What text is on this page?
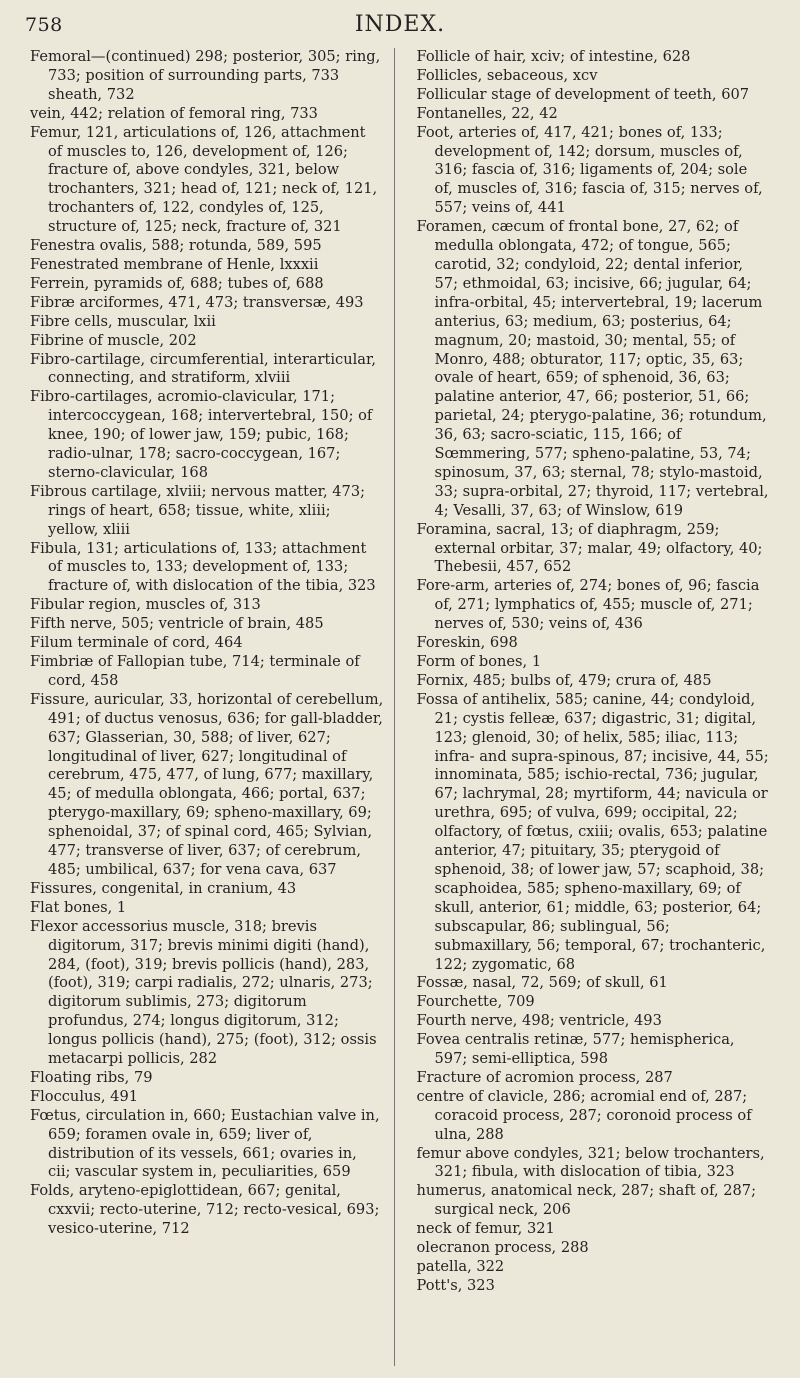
758	INDEX.

Femoral—(continued) 298; posterior, 305; ring, 733; position of surrounding parts, 733 sheath, 732

vein, 442; relation of femoral ring, 733

Femur, 121, articulations of, 126, attachment of muscles to, 126, development of, 126; fracture of, above condyles, 321, below trochanters, 321; head of, 121; neck of, 121, trochanters of, 122, condyles of, 125, structure of, 125; neck, fracture of, 321

Fenestra ovalis, 588; rotunda, 589, 595

Fenestrated membrane of Henle, lxxxii

Ferrein, pyramids of, 688; tubes of, 688

Fibræ arciformes, 471, 473; transversæ, 493

Fibre cells, muscular, lxii

Fibrine of muscle, 202

Fibro-cartilage, circumferential, interarticular, connecting, and stratiform, xlviii

Fibro-cartilages, acromio-clavicular, 171; intercoccygean, 168; intervertebral, 150; of knee, 190; of lower jaw, 159; pubic, 168; radio-ulnar, 178; sacro-coccygean, 167; sterno-clavicular, 168

Fibrous cartilage, xlviii; nervous matter, 473; rings of heart, 658; tissue, white, xliii; yellow, xliii

Fibula, 131; articulations of, 133; attachment of muscles to, 133; development of, 133; fracture of, with dislocation of the tibia, 323

Fibular region, muscles of, 313

Fifth nerve, 505; ventricle of brain, 485

Filum terminale of cord, 464

Fimbriæ of Fallopian tube, 714; terminale of cord, 458

Fissure, auricular, 33, horizontal of cerebellum, 491; of ductus venosus, 636; for gall-bladder, 637; Glasserian, 30, 588; of liver, 627; longitudinal of liver, 627; longitudinal of cerebrum, 475, 477, of lung, 677; maxillary, 45; of medulla oblongata, 466; portal, 637; pterygo-maxillary, 69; spheno-maxillary, 69; sphenoidal, 37; of spinal cord, 465; Sylvian, 477; transverse of liver, 637; of cerebrum, 485; umbilical, 637; for vena cava, 637

Fissures, congenital, in cranium, 43

Flat bones, 1

Flexor accessorius muscle, 318; brevis digitorum, 317; brevis minimi digiti (hand), 284, (foot), 319; brevis pollicis (hand), 283, (foot), 319; carpi radialis, 272; ulnaris, 273; digitorum sublimis, 273; digitorum profundus, 274; longus digitorum, 312; longus pollicis (hand), 275; (foot), 312; ossis metacarpi pollicis, 282

Floating ribs, 79

Flocculus, 491

Fœtus, circulation in, 660; Eustachian valve in, 659; foramen ovale in, 659; liver of, distribution of its vessels, 661; ovaries in, cii; vascular system in, peculiarities, 659

Folds, aryteno-epiglottidean, 667; genital, cxxvii; recto-uterine, 712; recto-vesical, 693; vesico-uterine, 712

Follicle of hair, xciv; of intestine, 628

Follicles, sebaceous, xcv

Follicular stage of development of teeth, 607

Fontanelles, 22, 42

Foot, arteries of, 417, 421; bones of, 133; development of, 142; dorsum, muscles of, 316; fascia of, 316; ligaments of, 204; sole of, muscles of, 316; fascia of, 315; nerves of, 557; veins of, 441

Foramen, cæcum of frontal bone, 27, 62; of medulla oblongata, 472; of tongue, 565; carotid, 32; condyloid, 22; dental inferior, 57; ethmoidal, 63; incisive, 66; jugular, 64; infra-orbital, 45; intervertebral, 19; lacerum anterius, 63; medium, 63; posterius, 64; magnum, 20; mastoid, 30; mental, 55; of Monro, 488; obturator, 117; optic, 35, 63; ovale of heart, 659; of sphenoid, 36, 63; palatine anterior, 47, 66; posterior, 51, 66; parietal, 24; pterygo-palatine, 36; rotundum, 36, 63; sacro-sciatic, 115, 166; of Sœmmering, 577; spheno-palatine, 53, 74; spinosum, 37, 63; sternal, 78; stylo-mastoid, 33; supra-orbital, 27; thyroid, 117; vertebral, 4; Vesalli, 37, 63; of Winslow, 619

Foramina, sacral, 13; of diaphragm, 259; external orbitar, 37; malar, 49; olfactory, 40; Thebesii, 457, 652

Fore-arm, arteries of, 274; bones of, 96; fascia of, 271; lymphatics of, 455; muscle of, 271; nerves of, 530; veins of, 436

Foreskin, 698

Form of bones, 1

Fornix, 485; bulbs of, 479; crura of, 485

Fossa of antihelix, 585; canine, 44; condyloid, 21; cystis felleæ, 637; digastric, 31; digital, 123; glenoid, 30; of helix, 585; iliac, 113; infra- and supra-spinous, 87; incisive, 44, 55; innominata, 585; ischio-rectal, 736; jugular, 67; lachrymal, 28; myrtiform, 44; navicula or urethra, 695; of vulva, 699; occipital, 22; olfactory, of fœtus, cxiii; ovalis, 653; palatine anterior, 47; pituitary, 35; pterygoid of sphenoid, 38; of lower jaw, 57; scaphoid, 38; scaphoidea, 585; spheno-maxillary, 69; of skull, anterior, 61; middle, 63; posterior, 64; subscapular, 86; sublingual, 56; submaxillary, 56; temporal, 67; trochanteric, 122; zygomatic, 68

Fossæ, nasal, 72, 569; of skull, 61

Fourchette, 709

Fourth nerve, 498; ventricle, 493

Fovea centralis retinæ, 577; hemispherica, 597; semi-elliptica, 598

Fracture of acromion process, 287

centre of clavicle, 286; acromial end of, 287; coracoid process, 287; coronoid process of ulna, 288

femur above condyles, 321; below trochanters, 321; fibula, with dislocation of tibia, 323

humerus, anatomical neck, 287; shaft of, 287; surgical neck, 206

neck of femur, 321

olecranon process, 288

patella, 322

Pott's, 323
